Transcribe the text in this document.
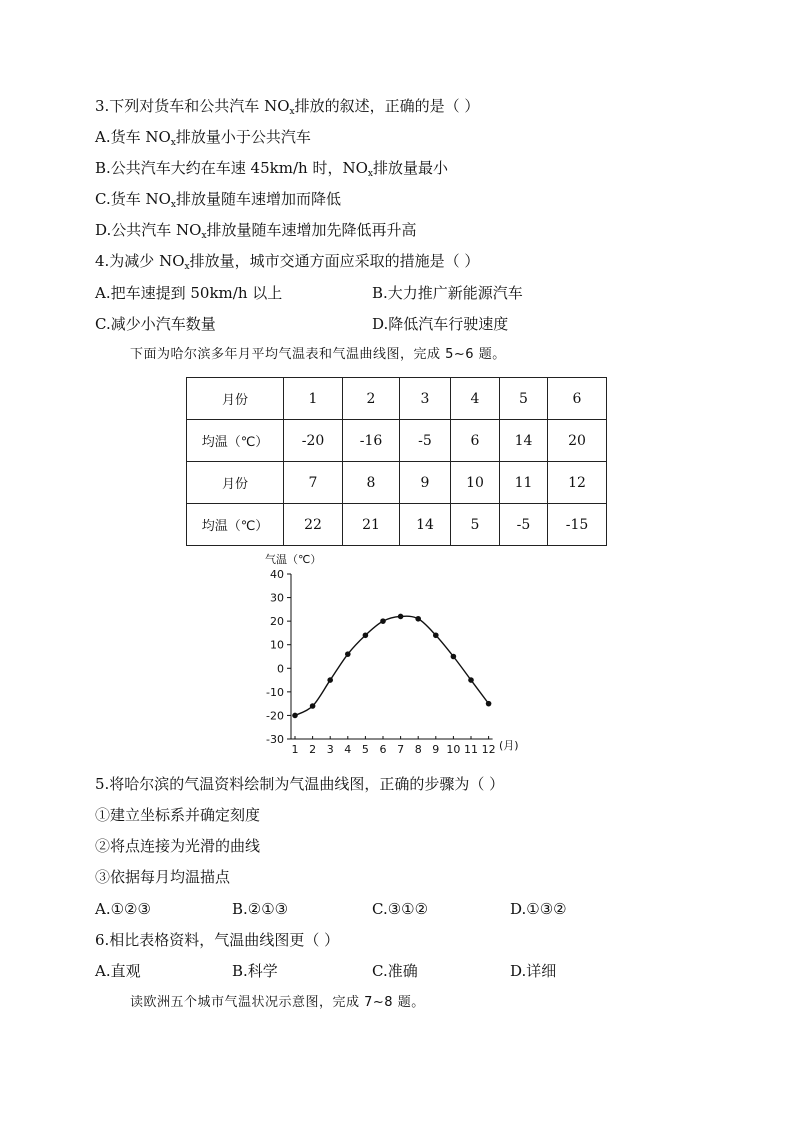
3.下列对货车和公共汽车 $NO_x$排放的叙述，正确的是（ ）
A.货车 $NO_x$排放量小于公共汽车
B.公共汽车大约在车速 45km/h 时，$NO_x$排放量最小
C.货车 $NO_x$排放量随车速增加而降低
D.公共汽车 $NO_x$排放量随车速增加先降低再升高
4.为减少 $NO_x$排放量，城市交通方面应采取的措施是（ ）
A.把车速提到 50km/h 以上	B.大力推广新能源汽车
C.减少小汽车数量	D.降低汽车行驶速度
下面为哈尔滨多年月平均气温表和气温曲线图，完成 5~6 题。
月份	1	2	3	4	5	6
均温（℃）	-20	-16	-5	6	14	20
月份	7	8	9	10	11	12
均温（℃）	22	21	14	5	-5	-15
气温（℃）
-30
-20
-10
0
10
20
30
40
1 2 3 4 5 6 7 8 9 10 11 12 (月)
5.将哈尔滨的气温资料绘制为气温曲线图，正确的步骤为（ ）
①建立坐标系并确定刻度
②将点连接为光滑的曲线
③依据每月均温描点
A.①②③	B.②①③	C.③①②	D.①③②
6.相比表格资料，气温曲线图更（ ）
A.直观	B.科学	C.准确	D.详细
读欧洲五个城市气温状况示意图，完成 7~8 题。
